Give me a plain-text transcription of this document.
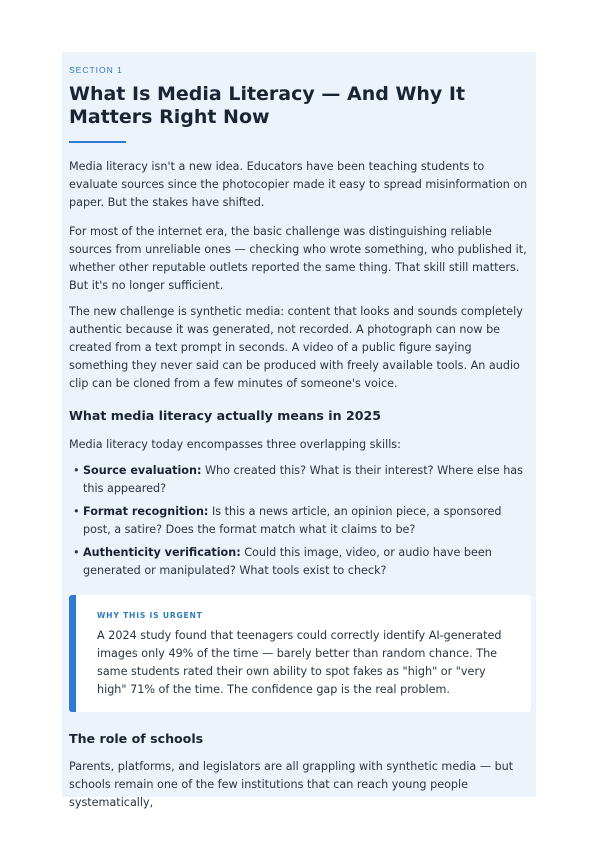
SECTION 1
What Is Media Literacy — And Why It Matters Right Now

Media literacy isn't a new idea. Educators have been teaching students to evaluate sources since the photocopier made it easy to spread misinformation on paper. But the stakes have shifted.

For most of the internet era, the basic challenge was distinguishing reliable sources from unreliable ones — checking who wrote something, who published it, whether other reputable outlets reported the same thing. That skill still matters. But it's no longer sufficient.

The new challenge is synthetic media: content that looks and sounds completely authentic because it was generated, not recorded. A photograph can now be created from a text prompt in seconds. A video of a public figure saying something they never said can be produced with freely available tools. An audio clip can be cloned from a few minutes of someone's voice.

What media literacy actually means in 2025

Media literacy today encompasses three overlapping skills:

• Source evaluation: Who created this? What is their interest? Where else has this appeared?
• Format recognition: Is this a news article, an opinion piece, a sponsored post, a satire? Does the format match what it claims to be?
• Authenticity verification: Could this image, video, or audio have been generated or manipulated? What tools exist to check?
WHY THIS IS URGENT

A 2024 study found that teenagers could correctly identify AI-generated images only 49% of the time — barely better than random chance. The same students rated their own ability to spot fakes as "high" or "very high" 71% of the time. The confidence gap is the real problem.

The role of schools

Parents, platforms, and legislators are all grappling with synthetic media — but schools remain one of the few institutions that can reach young people systematically,
